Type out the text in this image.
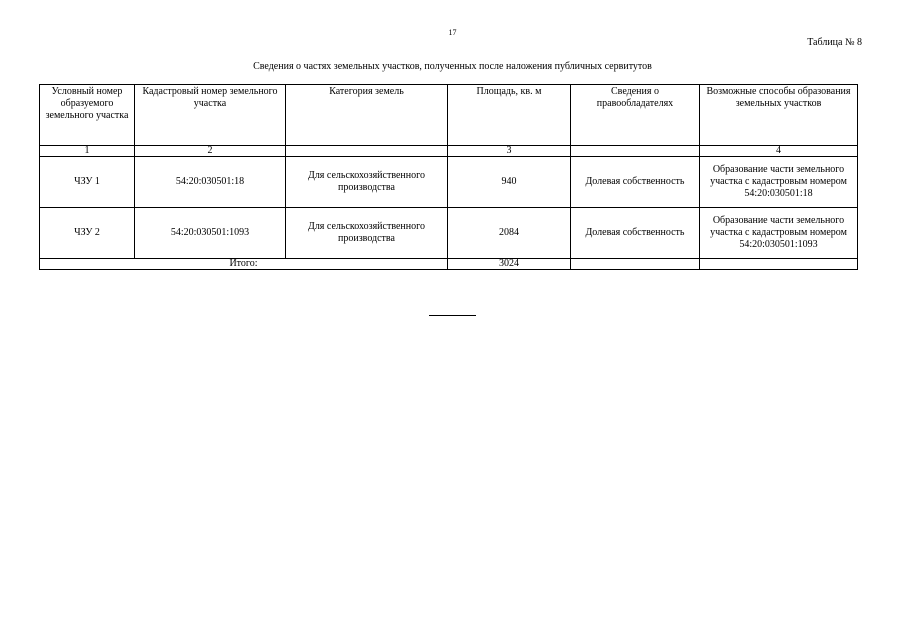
17
Таблица № 8
Сведения о частях земельных участков, полученных после наложения публичных сервитутов
Условный номер образуемого земельного участка	Кадастровый номер земельного участка	Категория земель	Площадь, кв. м	Сведения о правообладателях	Возможные способы образования земельных участков
1	2		3		4
ЧЗУ 1	54:20:030501:18	Для сельскохозяйственного производства	940	Долевая собственность	Образование части земельного участка с кадастровым номером 54:20:030501:18
ЧЗУ 2	54:20:030501:1093	Для сельскохозяйственного производства	2084	Долевая собственность	Образование части земельного участка с кадастровым номером 54:20:030501:1093
Итого:			3024		
